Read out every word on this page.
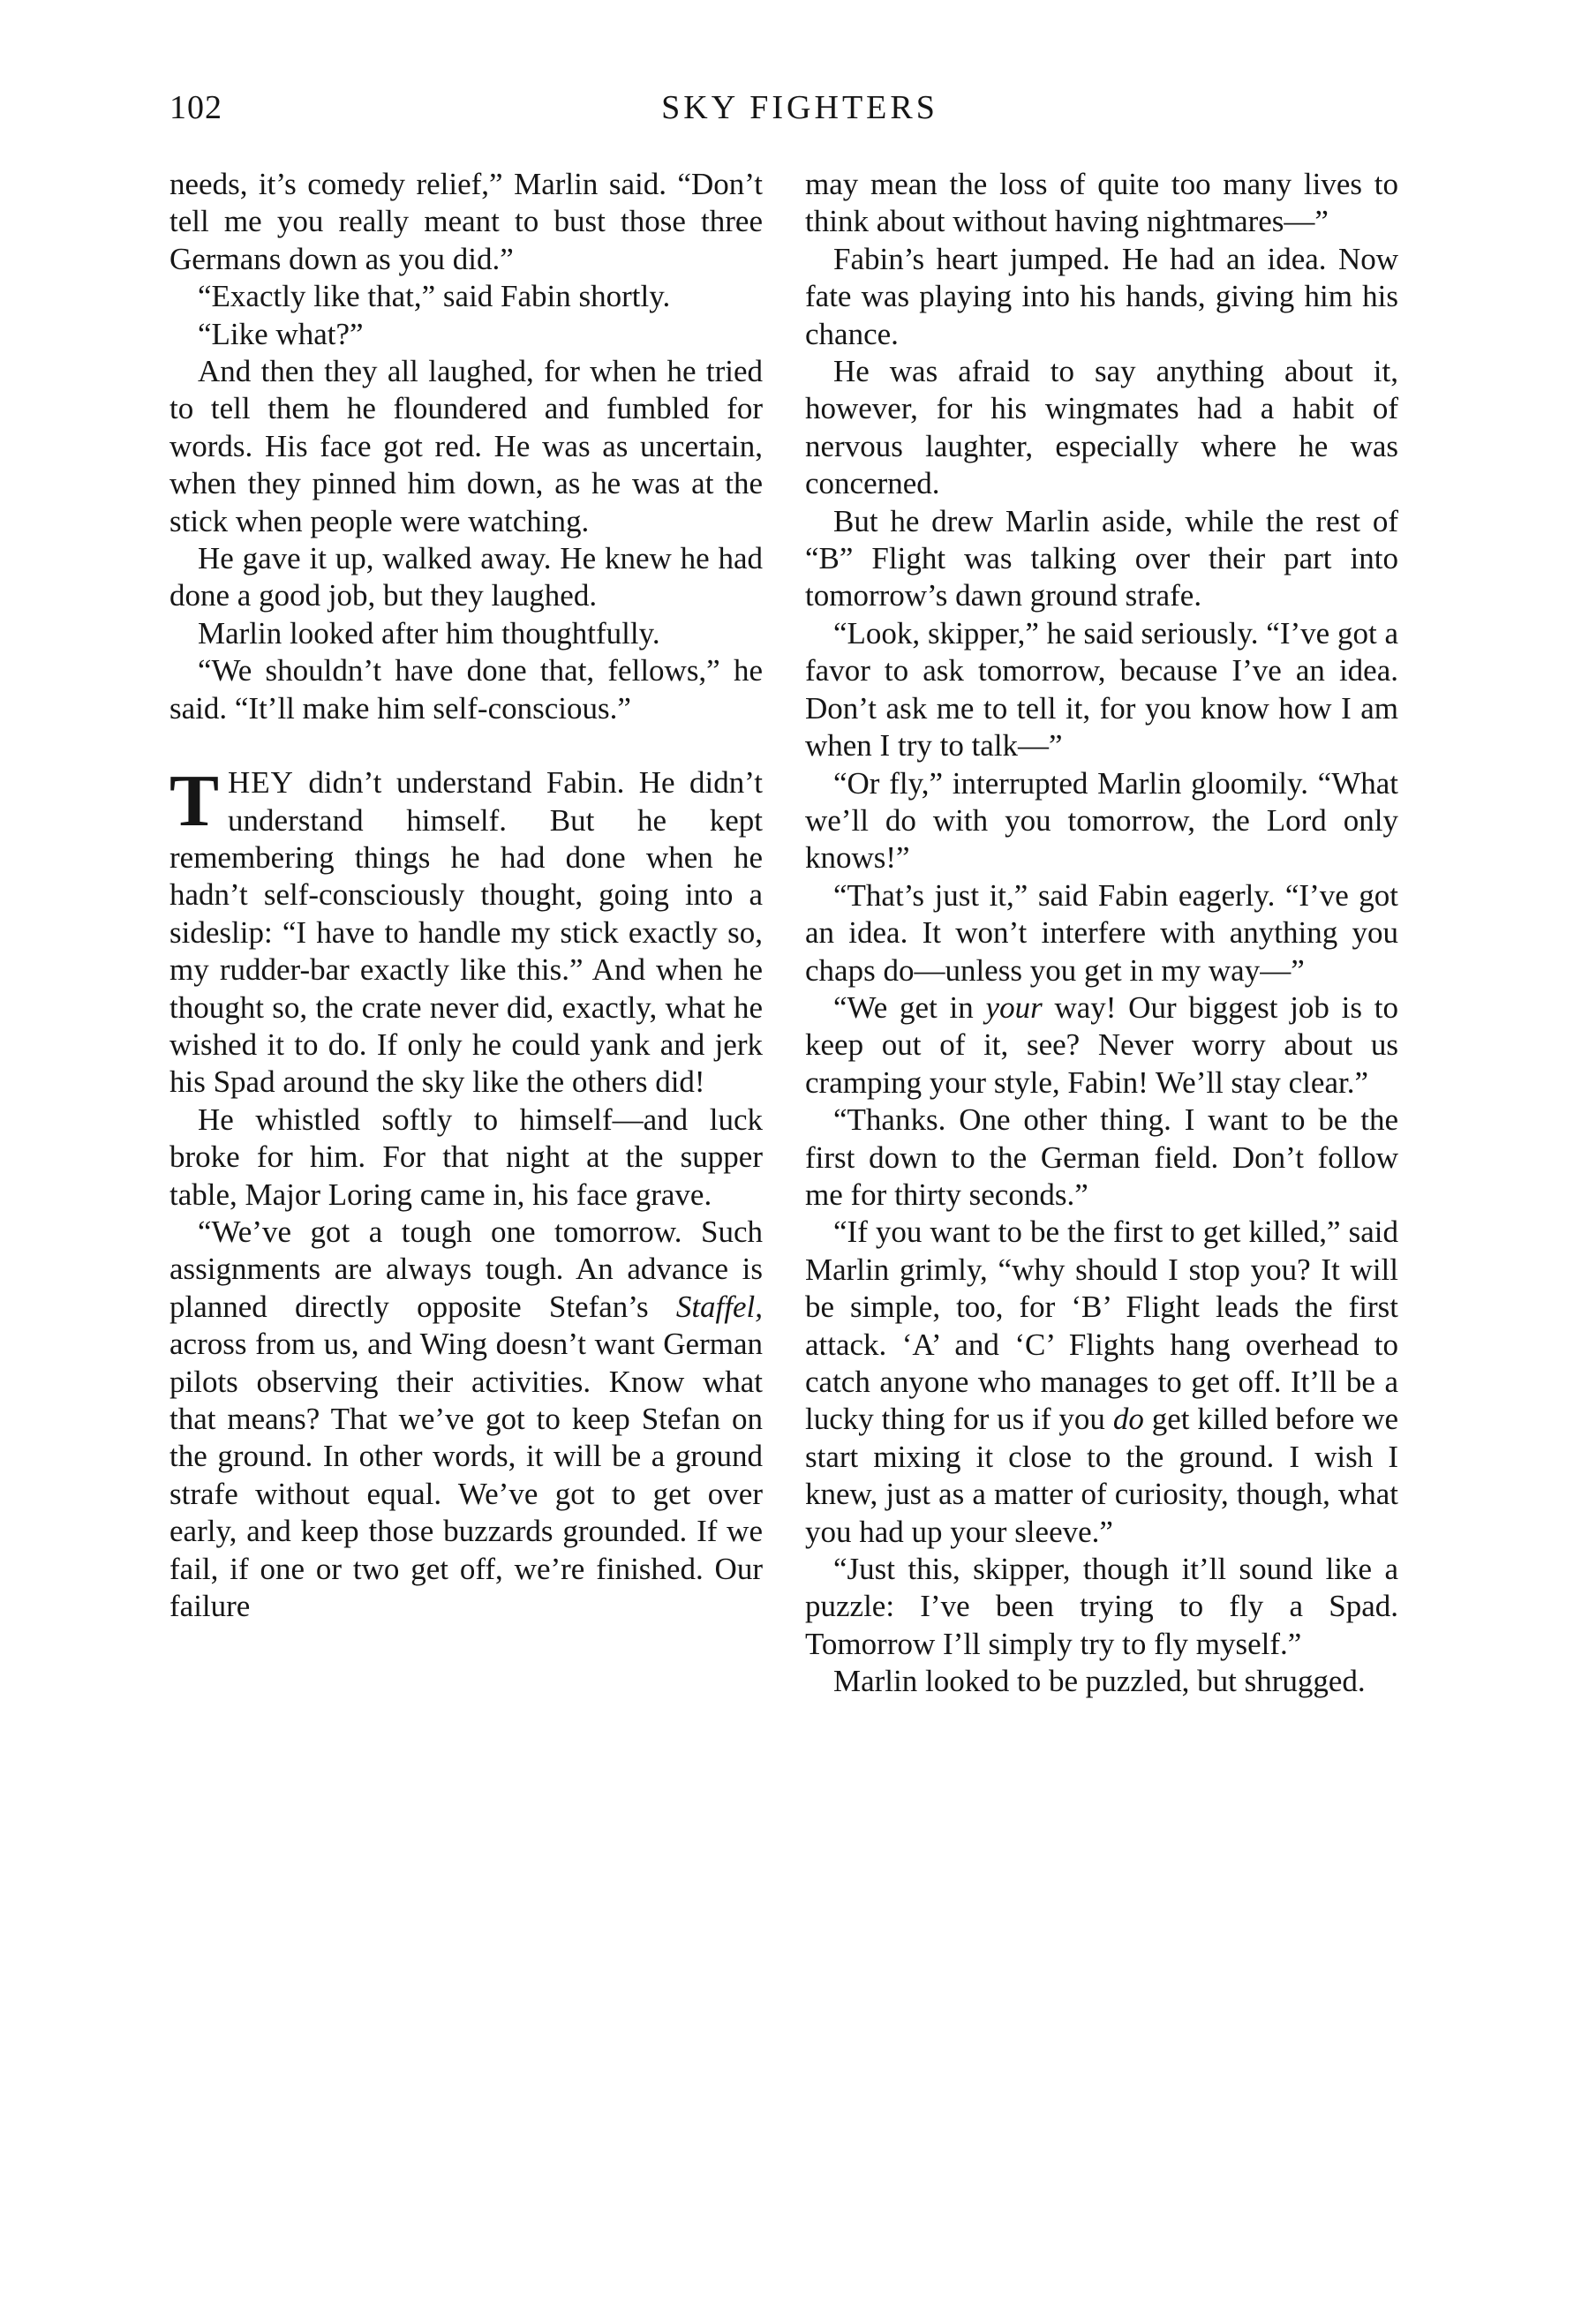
102	SKY FIGHTERS

needs, it’s comedy relief,” Marlin said. “Don’t tell me you really meant to bust those three Germans down as you did.”

“Exactly like that,” said Fabin shortly.

“Like what?”

And then they all laughed, for when he tried to tell them he floundered and fumbled for words. His face got red. He was as uncertain, when they pinned him down, as he was at the stick when people were watching.

He gave it up, walked away. He knew he had done a good job, but they laughed.

Marlin looked after him thoughtfully.

“We shouldn’t have done that, fellows,” he said. “It’ll make him self-conscious.”

THEY didn’t understand Fabin. He didn’t understand himself. But he kept remembering things he had done when he hadn’t self-consciously thought, going into a sideslip: “I have to handle my stick exactly so, my rudder-bar exactly like this.” And when he thought so, the crate never did, exactly, what he wished it to do. If only he could yank and jerk his Spad around the sky like the others did!

He whistled softly to himself—and luck broke for him. For that night at the supper table, Major Loring came in, his face grave.

“We’ve got a tough one tomorrow. Such assignments are always tough. An advance is planned directly opposite Stefan’s Staffel, across from us, and Wing doesn’t want German pilots observing their activities. Know what that means? That we’ve got to keep Stefan on the ground. In other words, it will be a ground strafe without equal. We’ve got to get over early, and keep those buzzards grounded. If we fail, if one or two get off, we’re finished. Our failure

may mean the loss of quite too many lives to think about without having nightmares—”

Fabin’s heart jumped. He had an idea. Now fate was playing into his hands, giving him his chance.

He was afraid to say anything about it, however, for his wingmates had a habit of nervous laughter, especially where he was concerned.

But he drew Marlin aside, while the rest of “B” Flight was talking over their part into tomorrow’s dawn ground strafe.

“Look, skipper,” he said seriously. “I’ve got a favor to ask tomorrow, because I’ve an idea. Don’t ask me to tell it, for you know how I am when I try to talk—”

“Or fly,” interrupted Marlin gloomily. “What we’ll do with you tomorrow, the Lord only knows!”

“That’s just it,” said Fabin eagerly. “I’ve got an idea. It won’t interfere with anything you chaps do—unless you get in my way—”

“We get in your way! Our biggest job is to keep out of it, see? Never worry about us cramping your style, Fabin! We’ll stay clear.”

“Thanks. One other thing. I want to be the first down to the German field. Don’t follow me for thirty seconds.”

“If you want to be the first to get killed,” said Marlin grimly, “why should I stop you? It will be simple, too, for ‘B’ Flight leads the first attack. ‘A’ and ‘C’ Flights hang overhead to catch anyone who manages to get off. It’ll be a lucky thing for us if you do get killed before we start mixing it close to the ground. I wish I knew, just as a matter of curiosity, though, what you had up your sleeve.”

“Just this, skipper, though it’ll sound like a puzzle: I’ve been trying to fly a Spad. Tomorrow I’ll simply try to fly myself.”

Marlin looked to be puzzled, but shrugged.
